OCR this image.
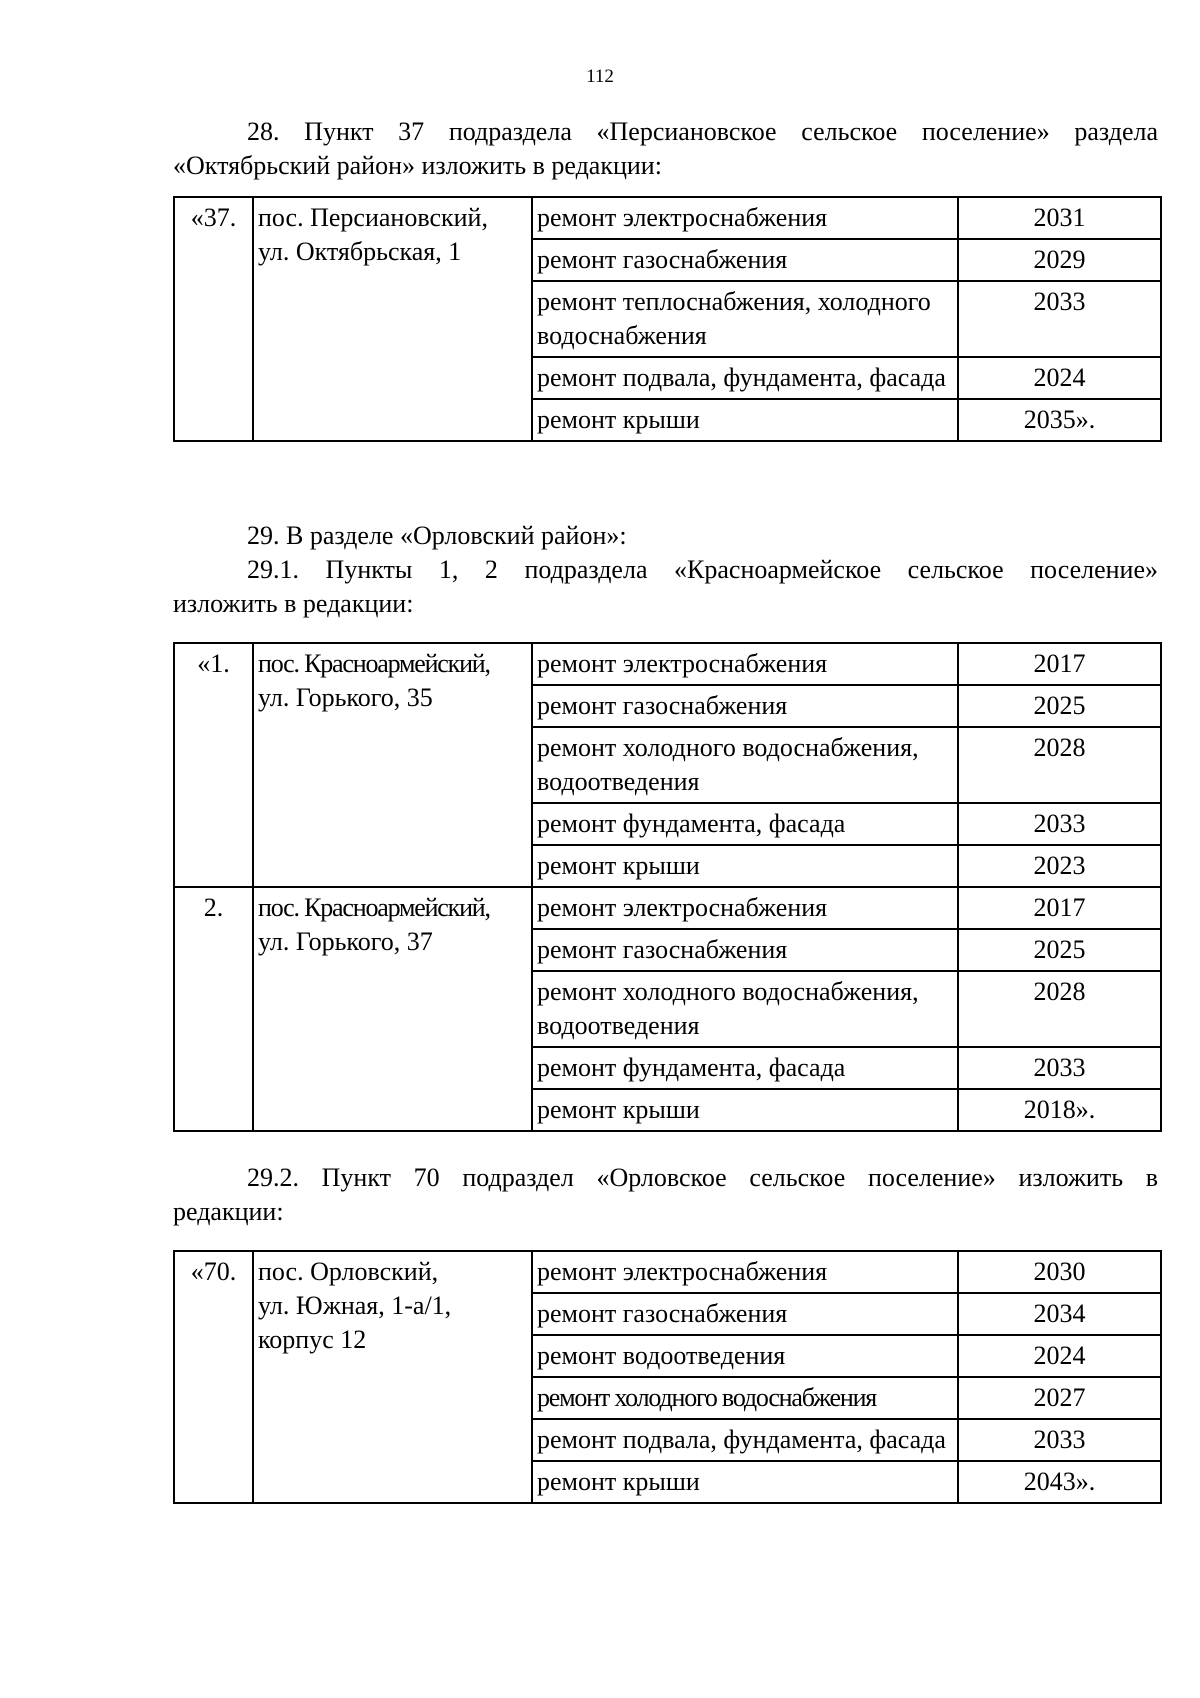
112
28. Пункт 37 подраздела «Персиановское сельское поселение» раздела
«Октябрьский район» изложить в редакции:
«37.	пос. Персиановский,
ул. Октябрьская, 1	ремонт электроснабжения	2031
		ремонт газоснабжения	2029
		ремонт теплоснабжения, холодного водоснабжения	2033
		ремонт подвала, фундамента, фасада	2024
		ремонт крыши	2035».
29. В разделе «Орловский район»:
29.1. Пункты 1, 2 подраздела «Красноармейское сельское поселение»
изложить в редакции:
«1.	пос. Красноармейский,
ул. Горького, 35	ремонт электроснабжения	2017
		ремонт газоснабжения	2025
		ремонт холодного водоснабжения, водоотведения	2028
		ремонт фундамента, фасада	2033
		ремонт крыши	2023
2.	пос. Красноармейский,
ул. Горького, 37	ремонт электроснабжения	2017
		ремонт газоснабжения	2025
		ремонт холодного водоснабжения, водоотведения	2028
		ремонт фундамента, фасада	2033
		ремонт крыши	2018».
29.2. Пункт 70 подраздел «Орловское сельское поселение» изложить в
редакции:
«70.	пос. Орловский,
ул. Южная, 1-а/1,
корпус 12	ремонт электроснабжения	2030
		ремонт газоснабжения	2034
		ремонт водоотведения	2024
		ремонт холодного водоснабжения	2027
		ремонт подвала, фундамента, фасада	2033
		ремонт крыши	2043».
